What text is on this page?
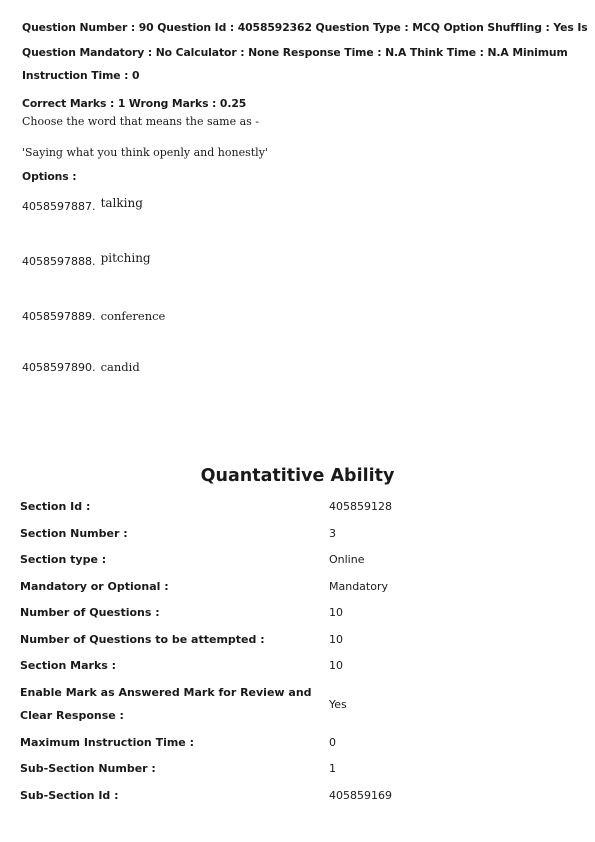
Question Number : 90 Question Id : 4058592362 Question Type : MCQ Option Shuffling : Yes Is
Question Mandatory : No Calculator : None Response Time : N.A Think Time : N.A Minimum
Instruction Time : 0
Correct Marks : 1 Wrong Marks : 0.25
Choose the word that means the same as -
'Saying what you think openly and honestly'
Options :
4058597887. talking
4058597888. pitching
4058597889. conference
4058597890. candid
Quantatitive Ability
Section Id :	405859128
Section Number :	3
Section type :	Online
Mandatory or Optional :	Mandatory
Number of Questions :	10
Number of Questions to be attempted :	10
Section Marks :	10
Enable Mark as Answered Mark for Review and
Clear Response :
Yes
Maximum Instruction Time :	0
Sub-Section Number :	1
Sub-Section Id :	405859169
